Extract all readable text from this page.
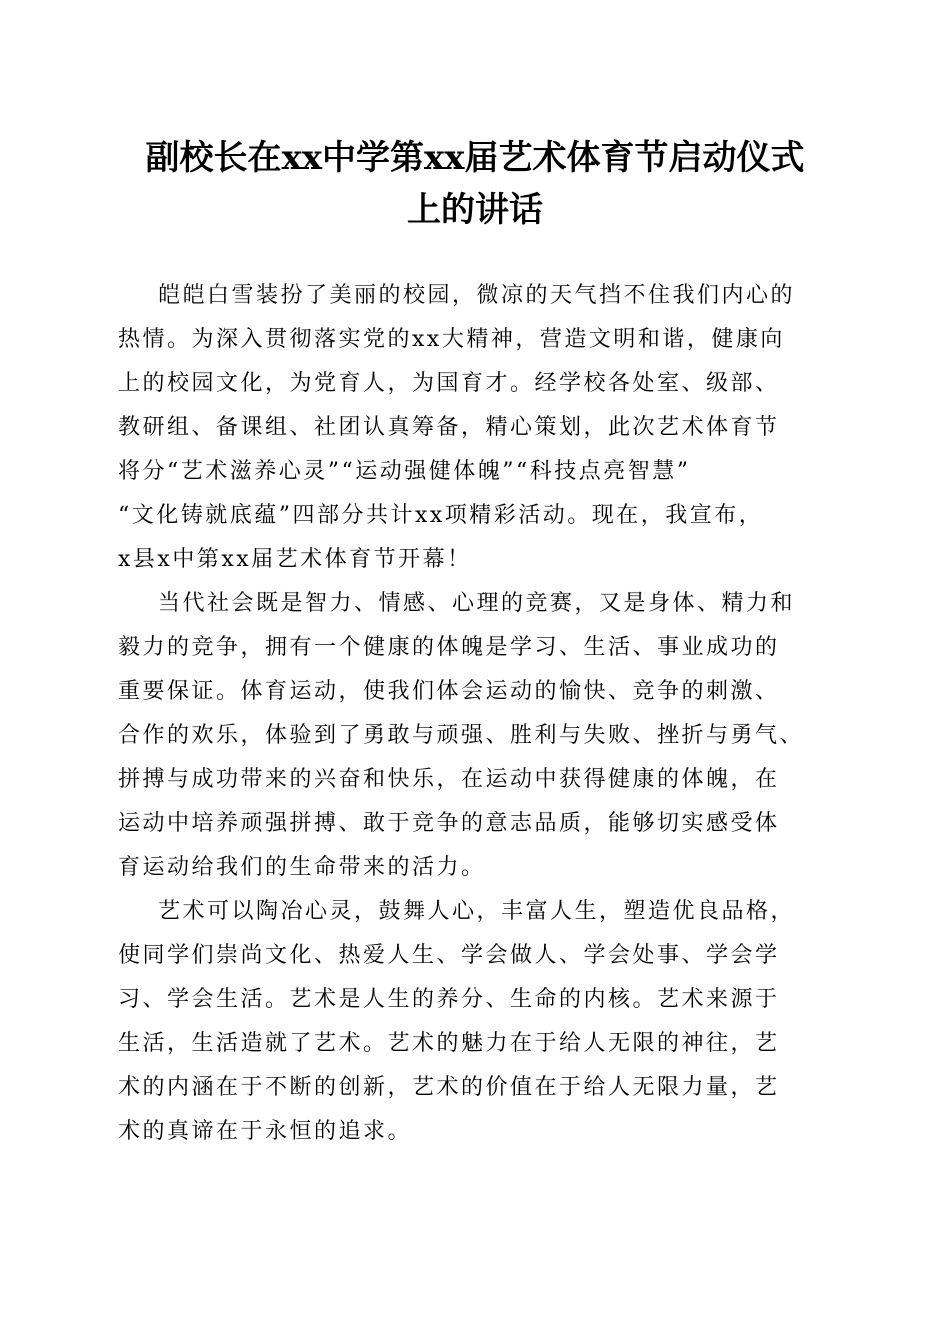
副校长在xx中学第xx届艺术体育节启动仪式
上的讲话

皑皑白雪装扮了美丽的校园，微凉的天气挡不住我们内心的
热情。为深入贯彻落实党的xx大精神，营造文明和谐，健康向
上的校园文化，为党育人，为国育才。经学校各处室、级部、
教研组、备课组、社团认真筹备，精心策划，此次艺术体育节
将分“艺术滋养心灵”“运动强健体魄”“科技点亮智慧”
“文化铸就底蕴”四部分共计xx项精彩活动。现在，我宣布，
x县x中第xx届艺术体育节开幕！

当代社会既是智力、情感、心理的竞赛，又是身体、精力和
毅力的竞争，拥有一个健康的体魄是学习、生活、事业成功的
重要保证。体育运动，使我们体会运动的愉快、竞争的刺激、
合作的欢乐，体验到了勇敢与顽强、胜利与失败、挫折与勇气、
拼搏与成功带来的兴奋和快乐，在运动中获得健康的体魄，在
运动中培养顽强拼搏、敢于竞争的意志品质，能够切实感受体
育运动给我们的生命带来的活力。

艺术可以陶冶心灵，鼓舞人心，丰富人生，塑造优良品格，
使同学们崇尚文化、热爱人生、学会做人、学会处事、学会学
习、学会生活。艺术是人生的养分、生命的内核。艺术来源于
生活，生活造就了艺术。艺术的魅力在于给人无限的神往，艺
术的内涵在于不断的创新，艺术的价值在于给人无限力量，艺
术的真谛在于永恒的追求。
